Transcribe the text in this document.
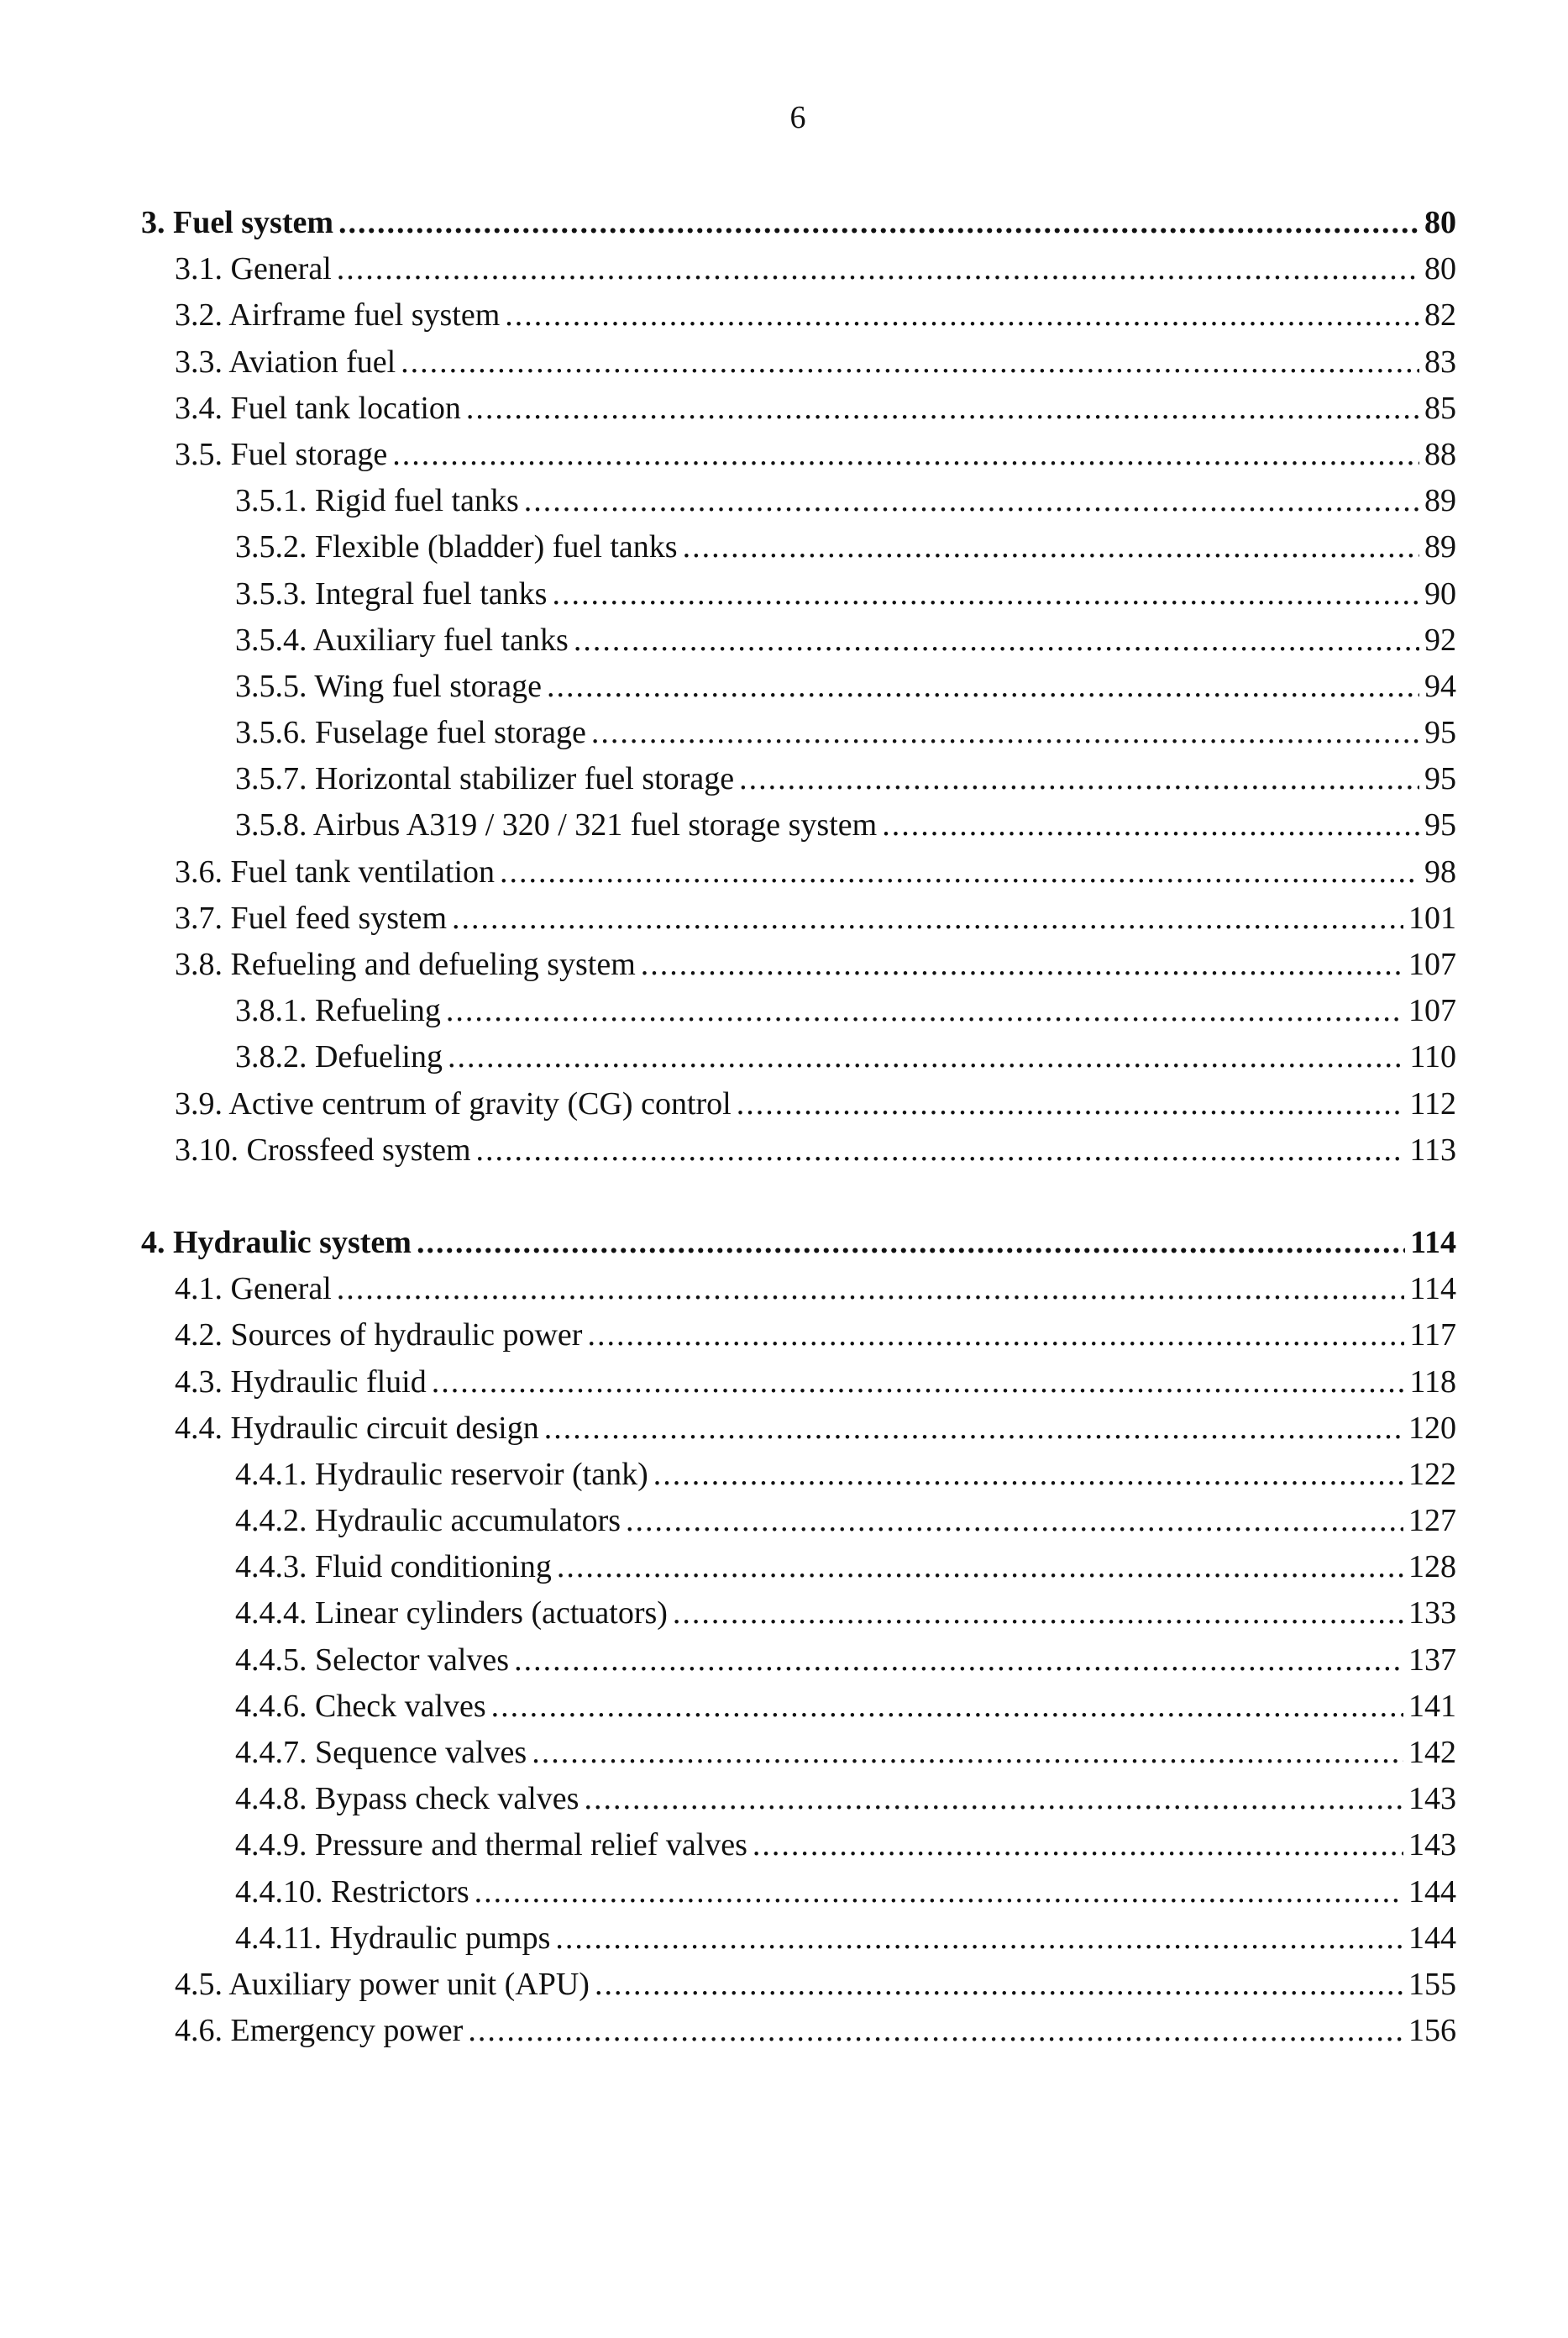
6
3. Fuel system .....	80
3.1. General .....	80
3.2. Airframe fuel system .....	82
3.3. Aviation fuel .....	83
3.4. Fuel tank location .....	85
3.5. Fuel storage .....	88
3.5.1. Rigid fuel tanks .....	89
3.5.2. Flexible (bladder) fuel tanks .....	89
3.5.3. Integral fuel tanks .....	90
3.5.4. Auxiliary fuel tanks .....	92
3.5.5. Wing fuel storage .....	94
3.5.6. Fuselage fuel storage .....	95
3.5.7. Horizontal stabilizer fuel storage .....	95
3.5.8. Airbus A319 / 320 / 321 fuel storage system .....	95
3.6. Fuel tank ventilation .....	98
3.7. Fuel feed system .....	101
3.8. Refueling and defueling system .....	107
3.8.1. Refueling .....	107
3.8.2. Defueling .....	110
3.9. Active centrum of gravity (CG) control .....	112
3.10. Crossfeed system .....	113
4. Hydraulic system .....	114
4.1. General .....	114
4.2. Sources of hydraulic power .....	117
4.3. Hydraulic fluid .....	118
4.4. Hydraulic circuit design .....	120
4.4.1. Hydraulic reservoir (tank) .....	122
4.4.2. Hydraulic accumulators .....	127
4.4.3. Fluid conditioning .....	128
4.4.4. Linear cylinders (actuators) .....	133
4.4.5. Selector valves .....	137
4.4.6. Check valves .....	141
4.4.7. Sequence valves .....	142
4.4.8. Bypass check valves .....	143
4.4.9. Pressure and thermal relief valves .....	143
4.4.10. Restrictors .....	144
4.4.11. Hydraulic pumps .....	144
4.5. Auxiliary power unit (APU) .....	155
4.6. Emergency power .....	156
